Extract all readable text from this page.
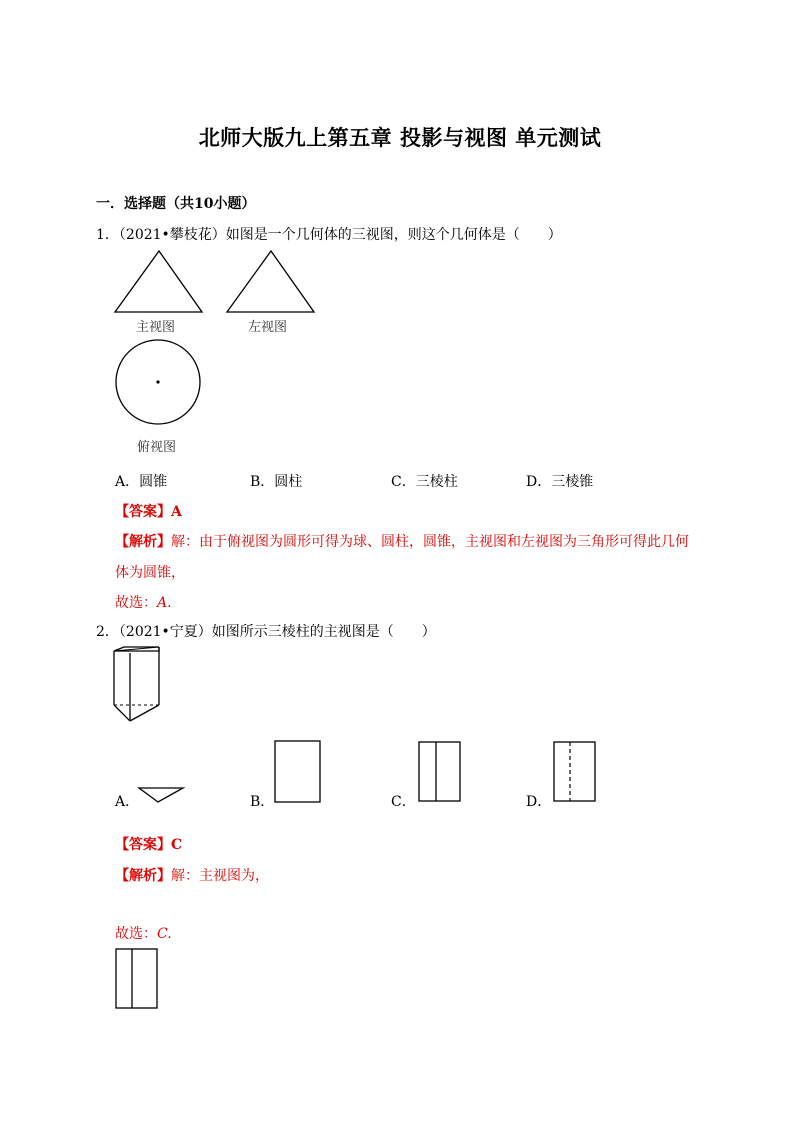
北师大版九上第五章 投影与视图 单元测试
一．选择题（共10小题）
1．（2021•攀枝花）如图是一个几何体的三视图，则这个几何体是（　　）
主视图	左视图
俯视图
A．圆锥	B．圆柱	C．三棱柱	D．三棱锥
【答案】A
【解析】解：由于俯视图为圆形可得为球、圆柱，圆锥，主视图和左视图为三角形可得此几何
体为圆锥，
故选：A.
2．（2021•宁夏）如图所示三棱柱的主视图是（　　）
A．	B．	C．	D．
【答案】C
【解析】解：主视图为，
故选：C.
